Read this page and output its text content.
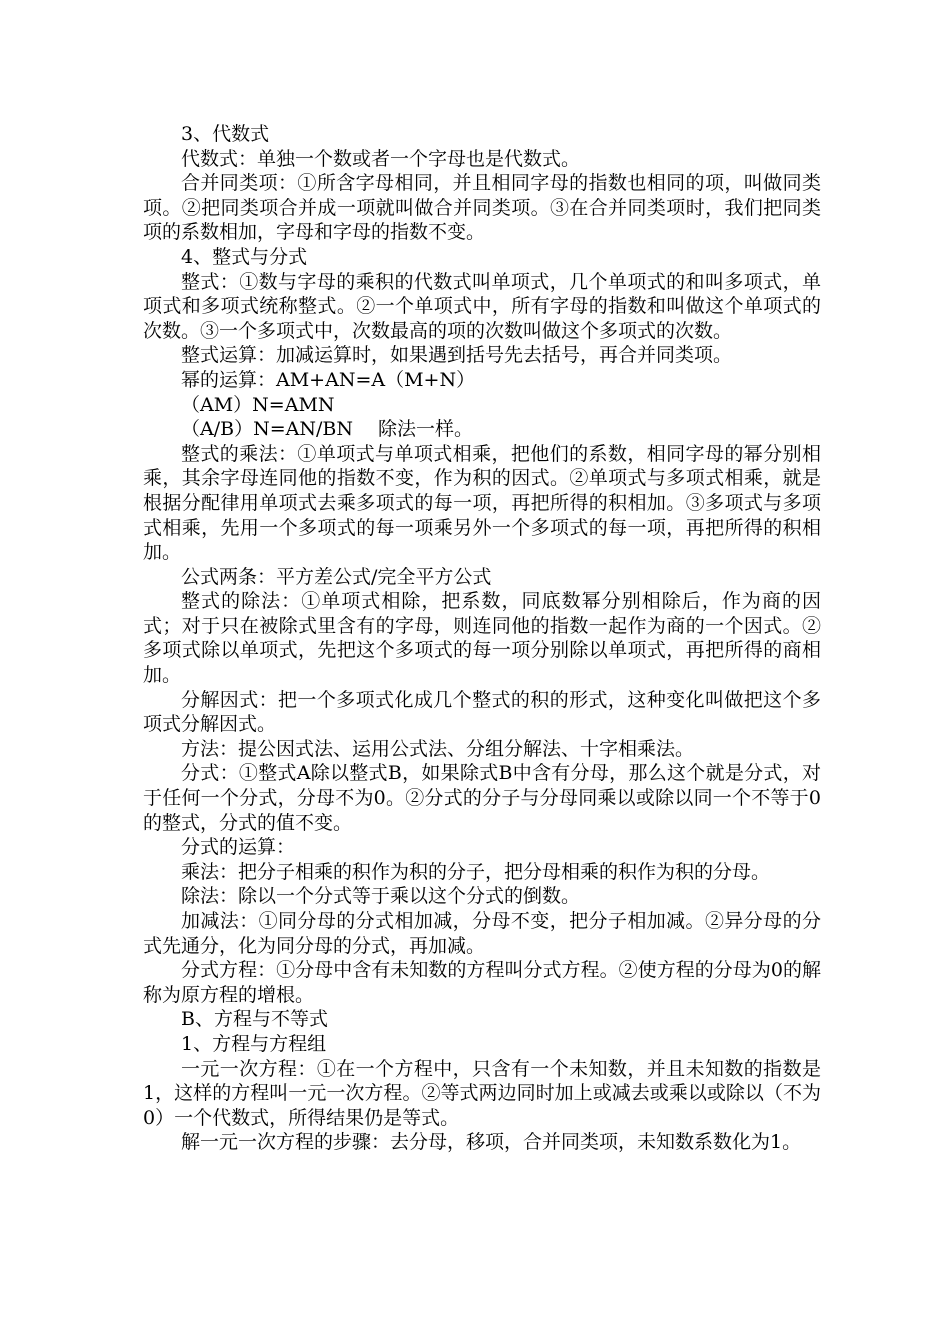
3、代数式

代数式：单独一个数或者一个字母也是代数式。

合并同类项：①所含字母相同，并且相同字母的指数也相同的项，叫做同类项。②把同类项合并成一项就叫做合并同类项。③在合并同类项时，我们把同类项的系数相加，字母和字母的指数不变。

4、整式与分式

整式：①数与字母的乘积的代数式叫单项式，几个单项式的和叫多项式，单项式和多项式统称整式。②一个单项式中，所有字母的指数和叫做这个单项式的次数。③一个多项式中，次数最高的项的次数叫做这个多项式的次数。

整式运算：加减运算时，如果遇到括号先去括号，再合并同类项。

幂的运算：AM+AN=A（M+N）

（AM）N=AMN

（A/B）N=AN/BN 　除法一样。

整式的乘法：①单项式与单项式相乘，把他们的系数，相同字母的幂分别相乘，其余字母连同他的指数不变，作为积的因式。②单项式与多项式相乘，就是根据分配律用单项式去乘多项式的每一项，再把所得的积相加。③多项式与多项式相乘，先用一个多项式的每一项乘另外一个多项式的每一项，再把所得的积相加。

公式两条：平方差公式/完全平方公式

整式的除法：①单项式相除，把系数，同底数幂分别相除后，作为商的因式；对于只在被除式里含有的字母，则连同他的指数一起作为商的一个因式。②多项式除以单项式，先把这个多项式的每一项分别除以单项式，再把所得的商相加。

分解因式：把一个多项式化成几个整式的积的形式，这种变化叫做把这个多项式分解因式。

方法：提公因式法、运用公式法、分组分解法、十字相乘法。

分式：①整式A除以整式B，如果除式B中含有分母，那么这个就是分式，对于任何一个分式，分母不为0。②分式的分子与分母同乘以或除以同一个不等于0的整式，分式的值不变。

分式的运算：

乘法：把分子相乘的积作为积的分子，把分母相乘的积作为积的分母。

除法：除以一个分式等于乘以这个分式的倒数。

加减法：①同分母的分式相加减，分母不变，把分子相加减。②异分母的分式先通分，化为同分母的分式，再加减。

分式方程：①分母中含有未知数的方程叫分式方程。②使方程的分母为0的解称为原方程的增根。

B、方程与不等式

1、方程与方程组

一元一次方程：①在一个方程中，只含有一个未知数，并且未知数的指数是1，这样的方程叫一元一次方程。②等式两边同时加上或减去或乘以或除以（不为0）一个代数式，所得结果仍是等式。

解一元一次方程的步骤：去分母，移项，合并同类项，未知数系数化为1。
